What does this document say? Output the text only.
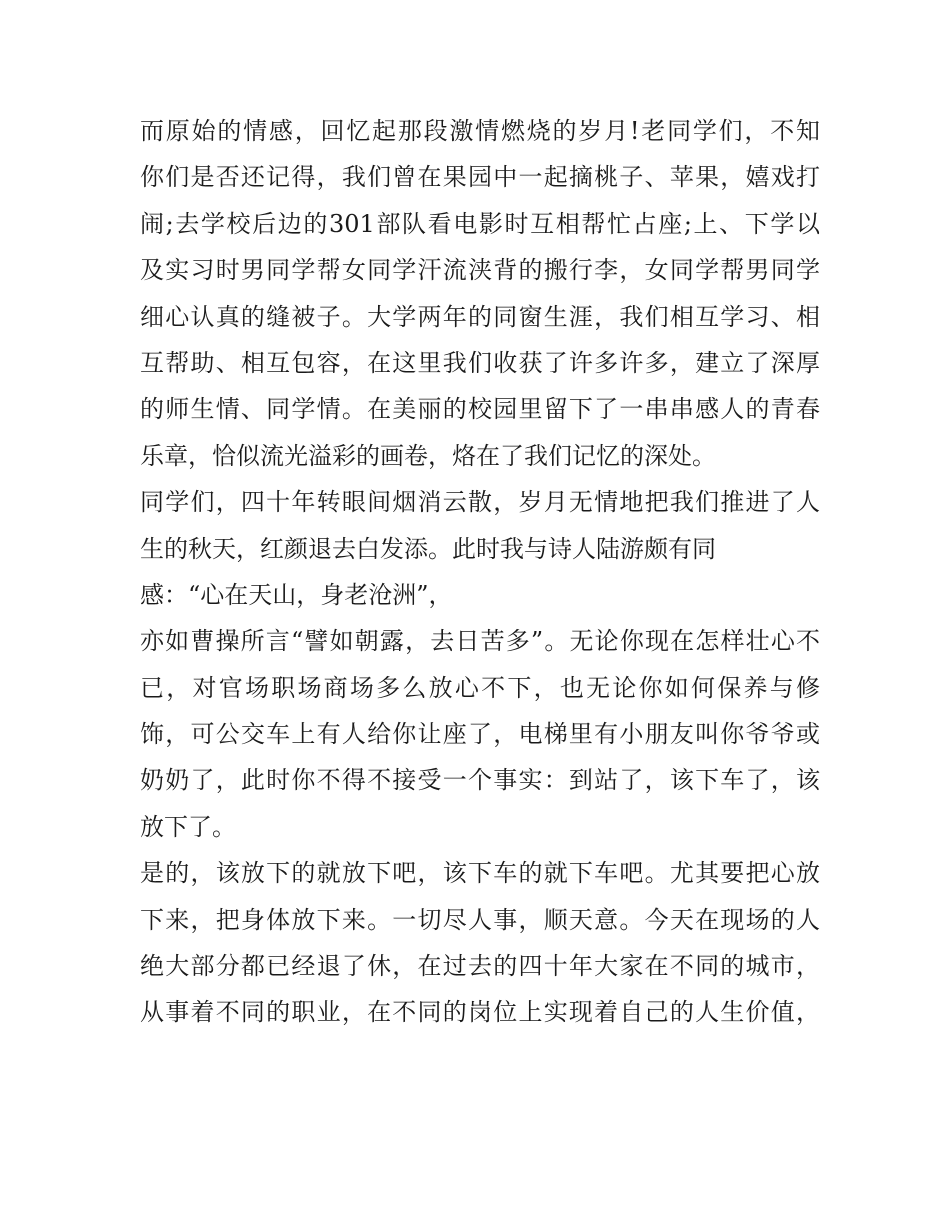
而原始的情感，回忆起那段激情燃烧的岁月!老同学们，不知
你们是否还记得，我们曾在果园中一起摘桃子、苹果，嬉戏打
闹;去学校后边的301部队看电影时互相帮忙占座;上、下学以
及实习时男同学帮女同学汗流浃背的搬行李，女同学帮男同学
细心认真的缝被子。大学两年的同窗生涯，我们相互学习、相
互帮助、相互包容，在这里我们收获了许多许多，建立了深厚
的师生情、同学情。在美丽的校园里留下了一串串感人的青春
乐章，恰似流光溢彩的画卷，烙在了我们记忆的深处。
同学们，四十年转眼间烟消云散，岁月无情地把我们推进了人
生的秋天，红颜退去白发添。此时我与诗人陆游颇有同
感：“心在天山，身老沧洲”，
亦如曹操所言“譬如朝露，去日苦多”。无论你现在怎样壮心不
已，对官场职场商场多么放心不下，也无论你如何保养与修
饰，可公交车上有人给你让座了，电梯里有小朋友叫你爷爷或
奶奶了，此时你不得不接受一个事实：到站了，该下车了，该
放下了。
是的，该放下的就放下吧，该下车的就下车吧。尤其要把心放
下来，把身体放下来。一切尽人事，顺天意。今天在现场的人
绝大部分都已经退了休，在过去的四十年大家在不同的城市，
从事着不同的职业，在不同的岗位上实现着自己的人生价值，
